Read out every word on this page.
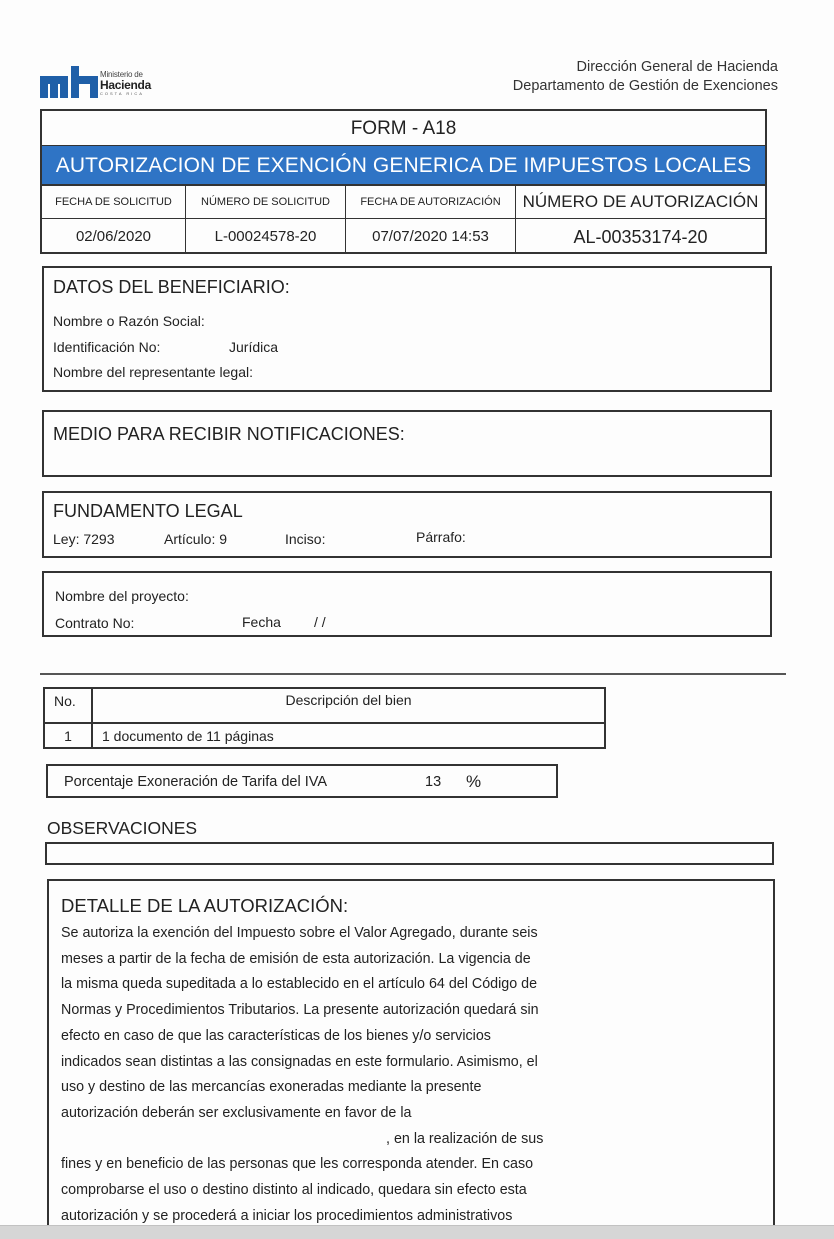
Ministerio de
Hacienda
COSTA RICA
Dirección General de Hacienda
Departamento de Gestión de Exenciones
FORM - A18
AUTORIZACION DE EXENCIÓN GENERICA DE IMPUESTOS LOCALES
FECHA DE SOLICITUD	NÚMERO DE SOLICITUD	FECHA DE AUTORIZACIÓN	NÚMERO DE AUTORIZACIÓN
02/06/2020	L-00024578-20	07/07/2020 14:53	AL-00353174-20
DATOS DEL BENEFICIARIO:
Nombre o Razón Social:
Identificación No:	Jurídica
Nombre del representante legal:
MEDIO PARA RECIBIR NOTIFICACIONES:
FUNDAMENTO LEGAL
Ley: 7293	Artículo: 9	Inciso:	Párrafo:
Nombre del proyecto:
Contrato No:	Fecha / /
No.	Descripción del bien
1	1 documento de 11 páginas
Porcentaje Exoneración de Tarifa del IVA	13 %
OBSERVACIONES
DETALLE DE LA AUTORIZACIÓN:
Se autoriza la exención del Impuesto sobre el Valor Agregado, durante seis
meses a partir de la fecha de emisión de esta autorización. La vigencia de
la misma queda supeditada a lo establecido en el artículo 64 del Código de
Normas y Procedimientos Tributarios. La presente autorización quedará sin
efecto en caso de que las características de los bienes y/o servicios
indicados sean distintas a las consignadas en este formulario. Asimismo, el
uso y destino de las mercancías exoneradas mediante la presente
autorización deberán ser exclusivamente en favor de la
, en la realización de sus
fines y en beneficio de las personas que les corresponda atender. En caso
comprobarse el uso o destino distinto al indicado, quedara sin efecto esta
autorización y se procederá a iniciar los procedimientos administrativos
